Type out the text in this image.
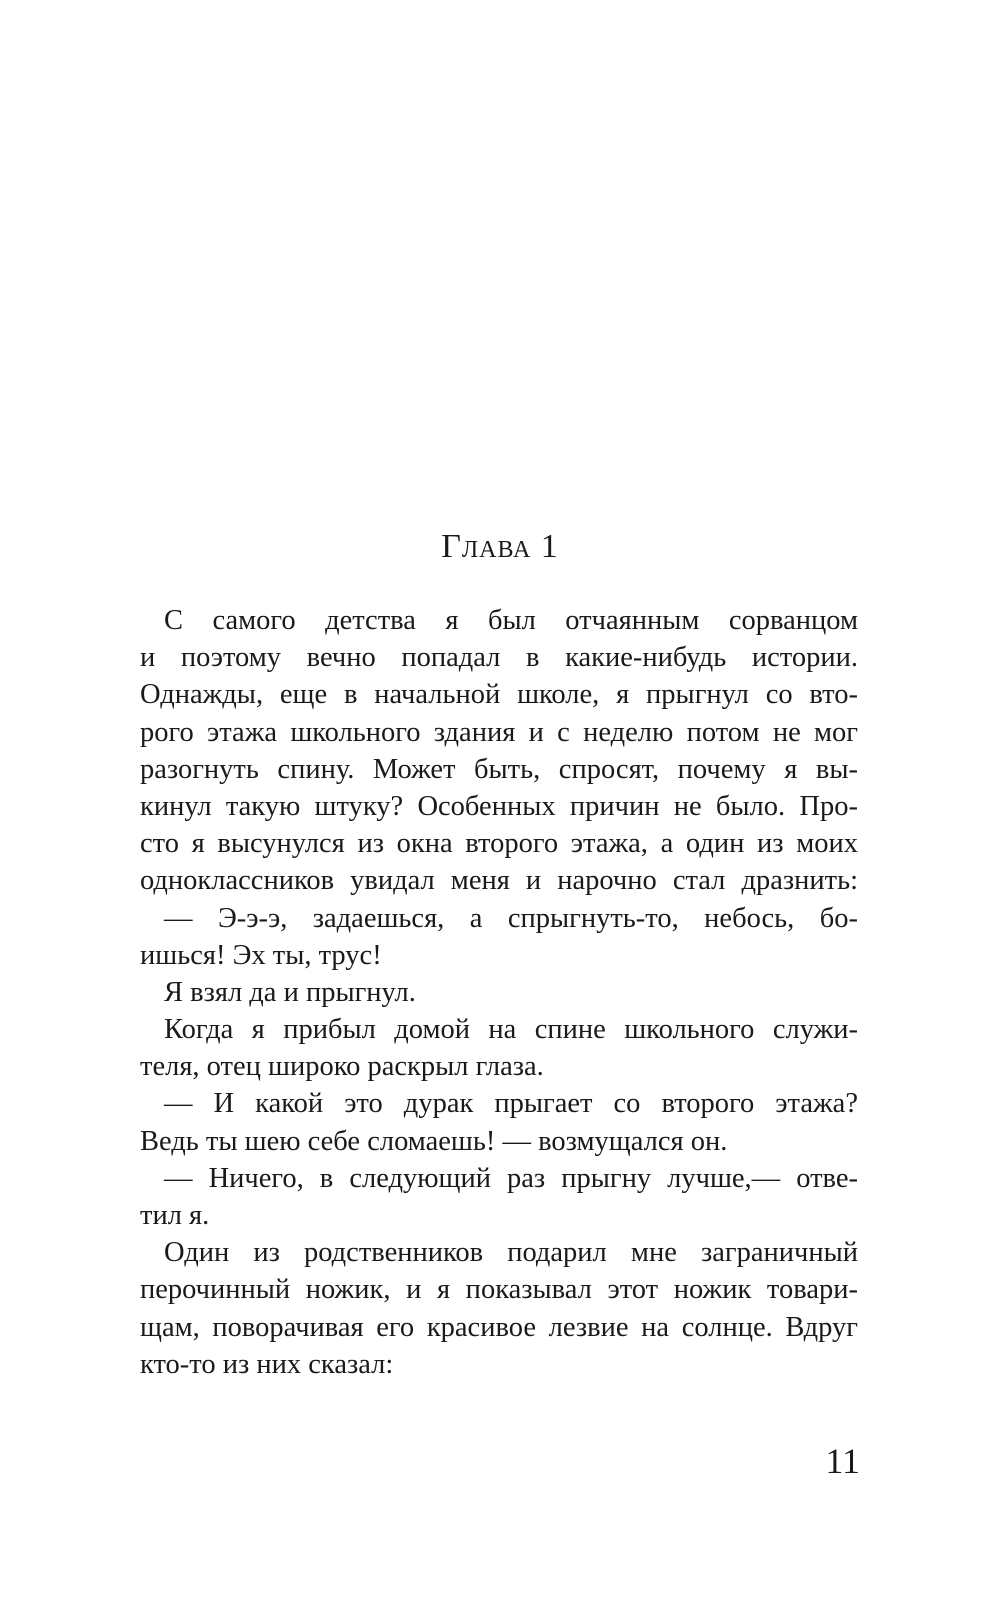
Глава 1
С самого детства я был отчаянным сорванцом
и поэтому вечно попадал в какие-нибудь истории.
Однажды, еще в начальной школе, я прыгнул со вто-
рого этажа школьного здания и с неделю потом не мог
разогнуть спину. Может быть, спросят, почему я вы-
кинул такую штуку? Особенных причин не было. Про-
сто я высунулся из окна второго этажа, а один из моих
одноклассников увидал меня и нарочно стал дразнить:
— Э-э-э, задаешься, а спрыгнуть-то, небось, бо-
ишься! Эх ты, трус!
Я взял да и прыгнул.
Когда я прибыл домой на спине школьного служи-
теля, отец широко раскрыл глаза.
— И какой это дурак прыгает со второго этажа?
Ведь ты шею себе сломаешь! — возмущался он.
— Ничего, в следующий раз прыгну лучше,— отве-
тил я.
Один из родственников подарил мне заграничный
перочинный ножик, и я показывал этот ножик товари-
щам, поворачивая его красивое лезвие на солнце. Вдруг
кто-то из них сказал:

11
